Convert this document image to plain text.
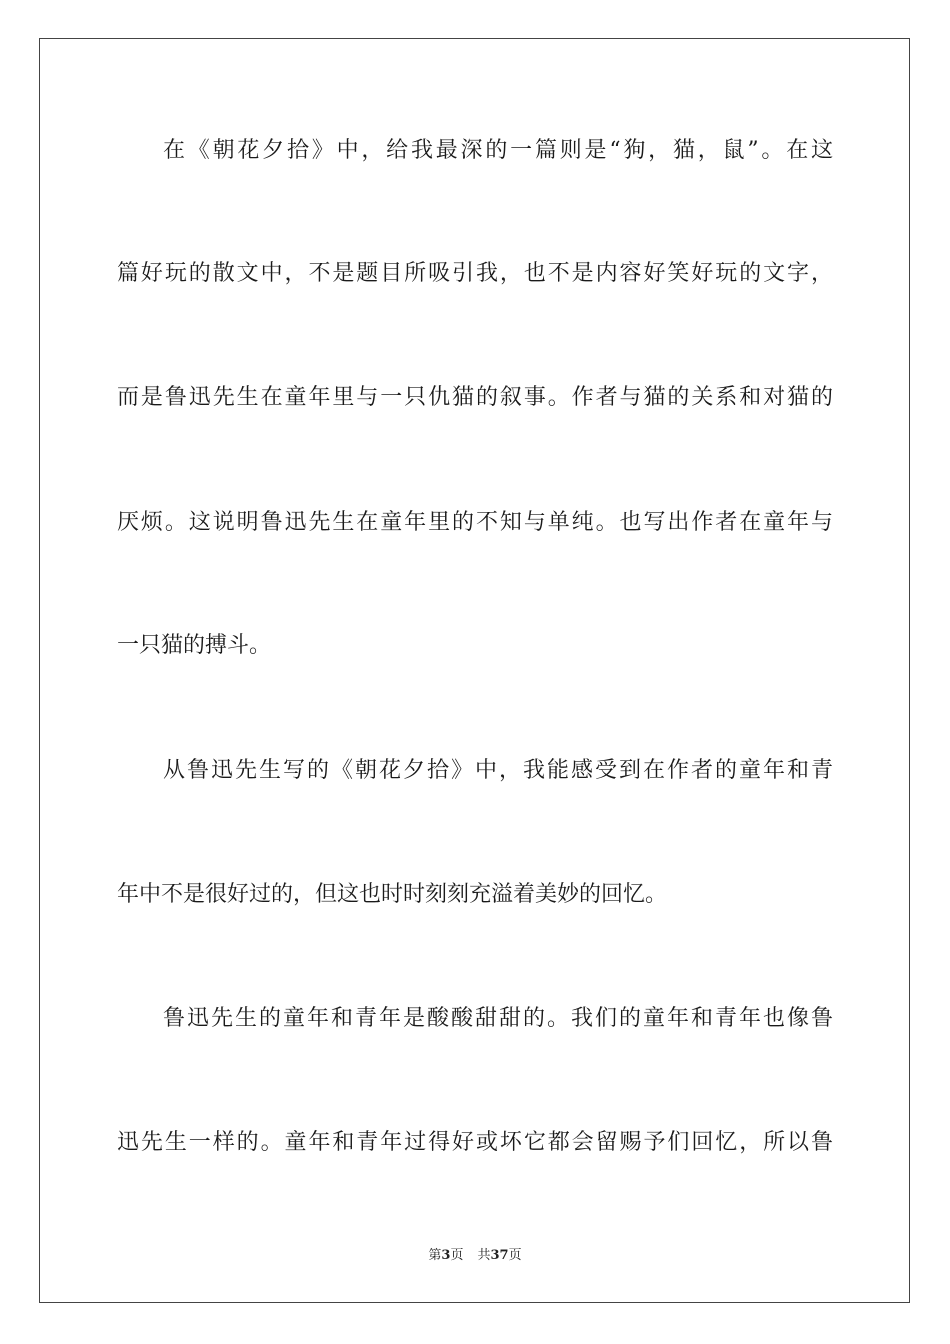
在《朝花夕拾》中，给我最深的一篇则是“狗，猫，鼠”。在这
篇好玩的散文中，不是题目所吸引我，也不是内容好笑好玩的文字，
而是鲁迅先生在童年里与一只仇猫的叙事。作者与猫的关系和对猫的
厌烦。这说明鲁迅先生在童年里的不知与单纯。也写出作者在童年与
一只猫的搏斗。
从鲁迅先生写的《朝花夕拾》中，我能感受到在作者的童年和青
年中不是很好过的，但这也时时刻刻充溢着美妙的回忆。
鲁迅先生的童年和青年是酸酸甜甜的。我们的童年和青年也像鲁
迅先生一样的。童年和青年过得好或坏它都会留赐予们回忆，所以鲁
第3页 共37页
